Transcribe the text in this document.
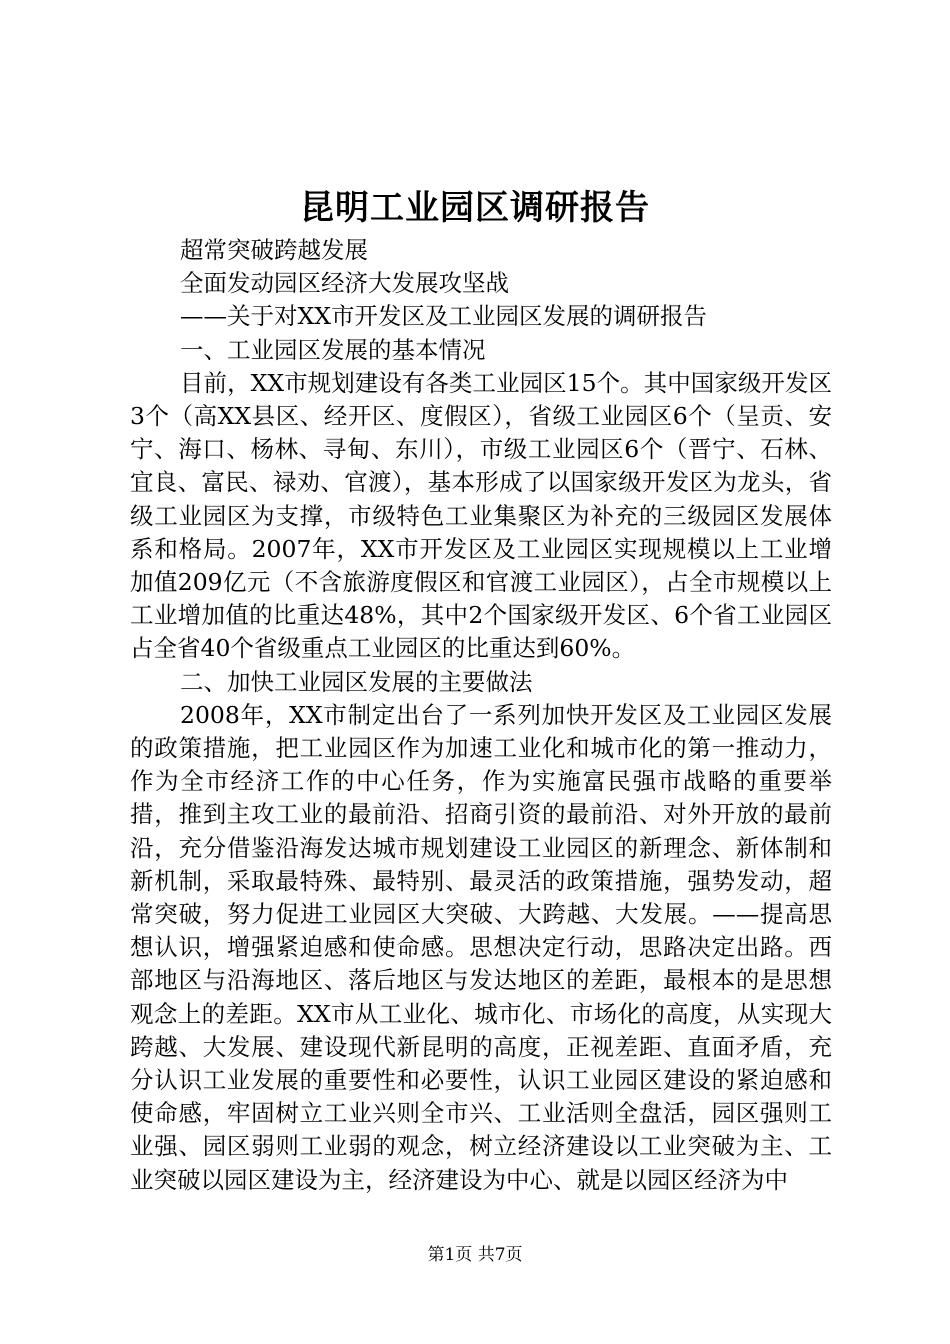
昆明工业园区调研报告
超常突破跨越发展
全面发动园区经济大发展攻坚战
——关于对XX市开发区及工业园区发展的调研报告
一、工业园区发展的基本情况
目前，XX市规划建设有各类工业园区15个。其中国家级开发区3个（高XX县区、经开区、度假区），省级工业园区6个（呈贡、安宁、海口、杨林、寻甸、东川），市级工业园区6个（晋宁、石林、宜良、富民、禄劝、官渡），基本形成了以国家级开发区为龙头，省级工业园区为支撑，市级特色工业集聚区为补充的三级园区发展体系和格局。2007年，XX市开发区及工业园区实现规模以上工业增加值209亿元（不含旅游度假区和官渡工业园区），占全市规模以上工业增加值的比重达48%，其中2个国家级开发区、6个省工业园区占全省40个省级重点工业园区的比重达到60%。
二、加快工业园区发展的主要做法
2008年，XX市制定出台了一系列加快开发区及工业园区发展的政策措施，把工业园区作为加速工业化和城市化的第一推动力，作为全市经济工作的中心任务，作为实施富民强市战略的重要举措，推到主攻工业的最前沿、招商引资的最前沿、对外开放的最前沿，充分借鉴沿海发达城市规划建设工业园区的新理念、新体制和新机制，采取最特殊、最特别、最灵活的政策措施，强势发动，超常突破，努力促进工业园区大突破、大跨越、大发展。——提高思想认识，增强紧迫感和使命感。思想决定行动，思路决定出路。西部地区与沿海地区、落后地区与发达地区的差距，最根本的是思想观念上的差距。XX市从工业化、城市化、市场化的高度，从实现大跨越、大发展、建设现代新昆明的高度，正视差距、直面矛盾，充分认识工业发展的重要性和必要性，认识工业园区建设的紧迫感和使命感，牢固树立工业兴则全市兴、工业活则全盘活，园区强则工业强、园区弱则工业弱的观念，树立经济建设以工业突破为主、工业突破以园区建设为主，经济建设为中心、就是以园区经济为中
第1页 共7页
